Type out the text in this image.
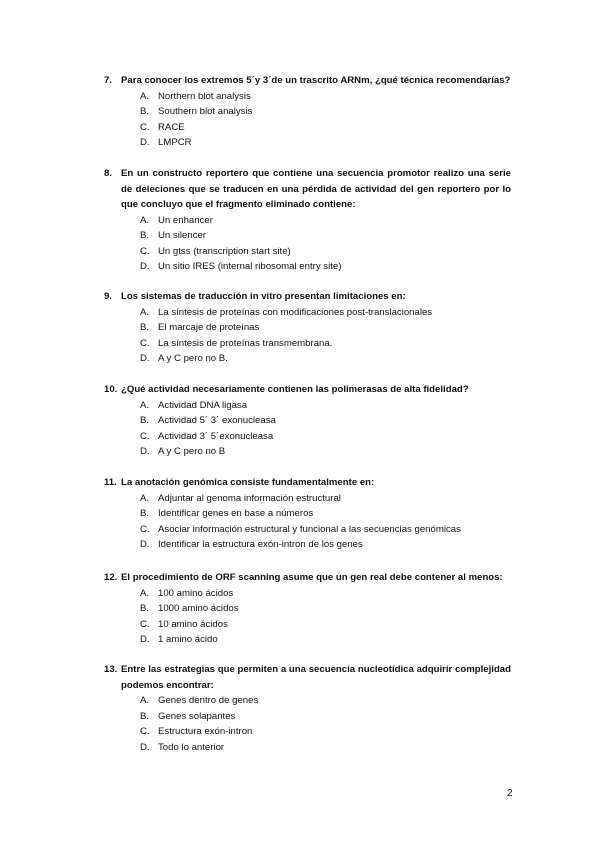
7. Para conocer los extremos 5´y 3´de un trascrito ARNm, ¿qué técnica recomendarías?
A. Northern blot analysis
B. Southern blot analysis
C. RACE
D. LMPCR
8. En un constructo reportero que contiene una secuencia promotor realizo una serie
de deleciones que se traducen en una pérdida de actividad del gen reportero por lo
que concluyo que el fragmento eliminado contiene:
A. Un enhancer
B. Un silencer
C. Un gtss (transcription start site)
D. Un sitio IRES (internal ribosomal entry site)
9. Los sistemas de traducción in vitro presentan limitaciones en:
A. La síntesis de proteínas con modificaciones post-translacionales
B. El marcaje de proteínas
C. La síntesis de proteínas transmembrana.
D. A y C pero no B.
10. ¿Qué actividad necesariamente contienen las polimerasas de alta fidelidad?
A. Actividad DNA ligasa
B. Actividad 5´ 3´ exonucleasa
C. Actividad 3´ 5´exonucleasa
D. A y C pero no B
11. La anotación genómica consiste fundamentalmente en:
A. Adjuntar al genoma información estructural
B. Identificar genes en base a números
C. Asociar información estructural y funcional a las secuencias genómicas
D. Identificar la estructura exón-intron de los genes
12. El procedimiento de ORF scanning asume que un gen real debe contener al menos:
A. 100 amino ácidos
B. 1000 amino ácidos
C. 10 amino ácidos
D. 1 amino ácido
13. Entre las estrategias que permiten a una secuencia nucleotídica adquirir complejidad
podemos encontrar:
A. Genes dentro de genes
B. Genes solapantes
C. Estructura exón-intron
D. Todo lo anterior
2
